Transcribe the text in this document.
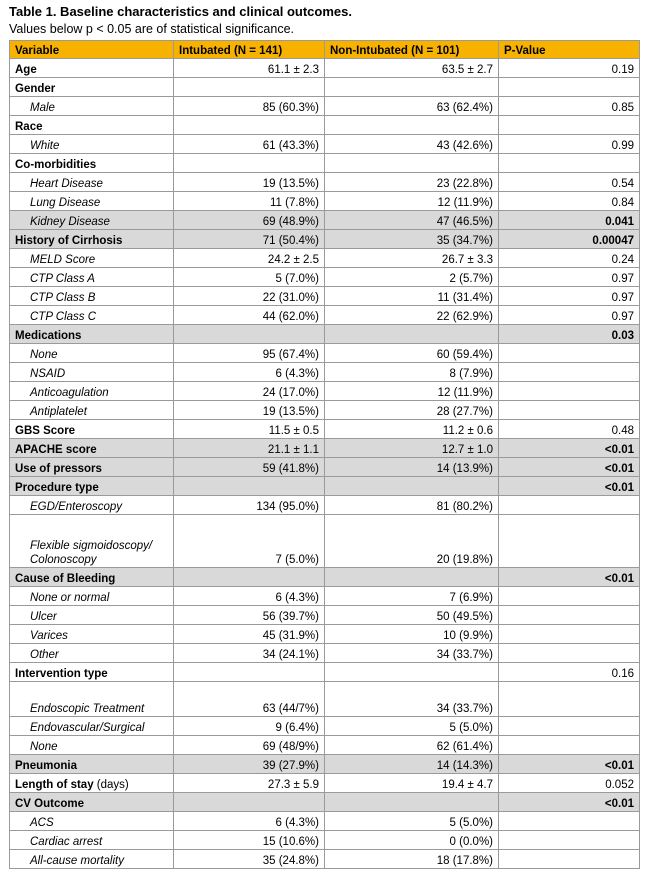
Table 1. Baseline characteristics and clinical outcomes.
Values below p < 0.05 are of statistical significance.
Variable	Intubated (N = 141)	Non-Intubated (N = 101)	P-Value
Age	61.1 ± 2.3	63.5 ± 2.7	0.19
Gender			
Male	85 (60.3%)	63 (62.4%)	0.85
Race			
White	61 (43.3%)	43 (42.6%)	0.99
Co-morbidities			
Heart Disease	19 (13.5%)	23 (22.8%)	0.54
Lung Disease	11 (7.8%)	12 (11.9%)	0.84
Kidney Disease	69 (48.9%)	47 (46.5%)	0.041
History of Cirrhosis	71 (50.4%)	35 (34.7%)	0.00047
MELD Score	24.2 ± 2.5	26.7 ± 3.3	0.24
CTP Class A	5 (7.0%)	2 (5.7%)	0.97
CTP Class B	22 (31.0%)	11 (31.4%)	0.97
CTP Class C	44 (62.0%)	22 (62.9%)	0.97
Medications			0.03
None	95 (67.4%)	60 (59.4%)	
NSAID	6 (4.3%)	8 (7.9%)	
Anticoagulation	24 (17.0%)	12 (11.9%)	
Antiplatelet	19 (13.5%)	28 (27.7%)	
GBS Score	11.5 ± 0.5	11.2 ± 0.6	0.48
APACHE score	21.1 ± 1.1	12.7 ± 1.0	<0.01
Use of pressors	59 (41.8%)	14 (13.9%)	<0.01
Procedure type			<0.01
EGD/Enteroscopy	134 (95.0%)	81 (80.2%)	
Flexible sigmoidoscopy/ Colonoscopy	7 (5.0%)	20 (19.8%)	
Cause of Bleeding			<0.01
None or normal	6 (4.3%)	7 (6.9%)	
Ulcer	56 (39.7%)	50 (49.5%)	
Varices	45 (31.9%)	10 (9.9%)	
Other	34 (24.1%)	34 (33.7%)	
Intervention type			0.16
Endoscopic Treatment	63 (44/7%)	34 (33.7%)	
Endovascular/Surgical	9 (6.4%)	5 (5.0%)	
None	69 (48/9%)	62 (61.4%)	
Pneumonia	39 (27.9%)	14 (14.3%)	<0.01
Length of stay (days)	27.3 ± 5.9	19.4 ± 4.7	0.052
CV Outcome			<0.01
ACS	6 (4.3%)	5 (5.0%)	
Cardiac arrest	15 (10.6%)	0 (0.0%)	
All-cause mortality	35 (24.8%)	18 (17.8%)	
